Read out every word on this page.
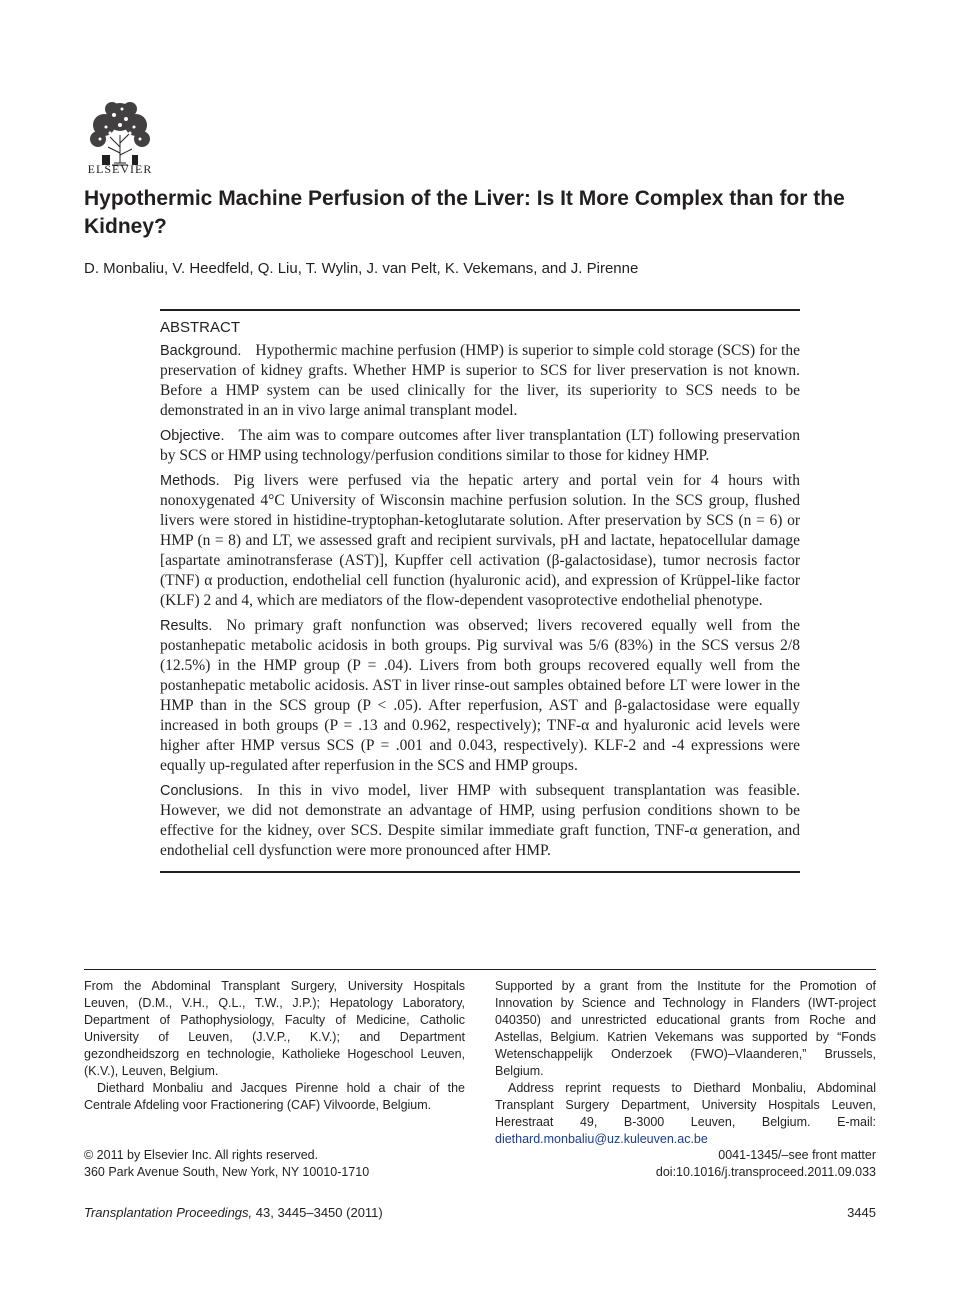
ELSEVIER
Hypothermic Machine Perfusion of the Liver: Is It More Complex than for the Kidney?
D. Monbaliu, V. Heedfeld, Q. Liu, T. Wylin, J. van Pelt, K. Vekemans, and J. Pirenne
ABSTRACT

Background. Hypothermic machine perfusion (HMP) is superior to simple cold storage (SCS) for the preservation of kidney grafts. Whether HMP is superior to SCS for liver preservation is not known. Before a HMP system can be used clinically for the liver, its superiority to SCS needs to be demonstrated in an in vivo large animal transplant model.

Objective. The aim was to compare outcomes after liver transplantation (LT) following preservation by SCS or HMP using technology/perfusion conditions similar to those for kidney HMP.

Methods. Pig livers were perfused via the hepatic artery and portal vein for 4 hours with nonoxygenated 4°C University of Wisconsin machine perfusion solution. In the SCS group, flushed livers were stored in histidine-tryptophan-ketoglutarate solution. After preservation by SCS (n = 6) or HMP (n = 8) and LT, we assessed graft and recipient survivals, pH and lactate, hepatocellular damage [aspartate aminotransferase (AST)], Kupffer cell activation (β-galactosidase), tumor necrosis factor (TNF) α production, endothelial cell function (hyaluronic acid), and expression of Krüppel-like factor (KLF) 2 and 4, which are mediators of the flow-dependent vasoprotective endothelial phenotype.

Results. No primary graft nonfunction was observed; livers recovered equally well from the postanhepatic metabolic acidosis in both groups. Pig survival was 5/6 (83%) in the SCS versus 2/8 (12.5%) in the HMP group (P = .04). Livers from both groups recovered equally well from the postanhepatic metabolic acidosis. AST in liver rinse-out samples obtained before LT were lower in the HMP than in the SCS group (P < .05). After reperfusion, AST and β-galactosidase were equally increased in both groups (P = .13 and 0.962, respectively); TNF-α and hyaluronic acid levels were higher after HMP versus SCS (P = .001 and 0.043, respectively). KLF-2 and -4 expressions were equally up-regulated after reperfusion in the SCS and HMP groups.

Conclusions. In this in vivo model, liver HMP with subsequent transplantation was feasible. However, we did not demonstrate an advantage of HMP, using perfusion conditions shown to be effective for the kidney, over SCS. Despite similar immediate graft function, TNF-α generation, and endothelial cell dysfunction were more pronounced after HMP.

From the Abdominal Transplant Surgery, University Hospitals Leuven, (D.M., V.H., Q.L., T.W., J.P.); Hepatology Laboratory, Department of Pathophysiology, Faculty of Medicine, Catholic University of Leuven, (J.V.P., K.V.); and Department gezondheidszorg en technologie, Katholieke Hogeschool Leuven, (K.V.), Leuven, Belgium.

Diethard Monbaliu and Jacques Pirenne hold a chair of the Centrale Afdeling voor Fractionering (CAF) Vilvoorde, Belgium.

Supported by a grant from the Institute for the Promotion of Innovation by Science and Technology in Flanders (IWT-project 040350) and unrestricted educational grants from Roche and Astellas, Belgium. Katrien Vekemans was supported by “Fonds Wetenschappelijk Onderzoek (FWO)–Vlaanderen,” Brussels, Belgium.

Address reprint requests to Diethard Monbaliu, Abdominal Transplant Surgery Department, University Hospitals Leuven, Herestraat 49, B-3000 Leuven, Belgium. E-mail: diethard.monbaliu@uz.kuleuven.ac.be

© 2011 by Elsevier Inc. All rights reserved.
360 Park Avenue South, New York, NY 10010-1710
0041-1345/–see front matter
doi:10.1016/j.transproceed.2011.09.033
Transplantation Proceedings, 43, 3445–3450 (2011)	3445
